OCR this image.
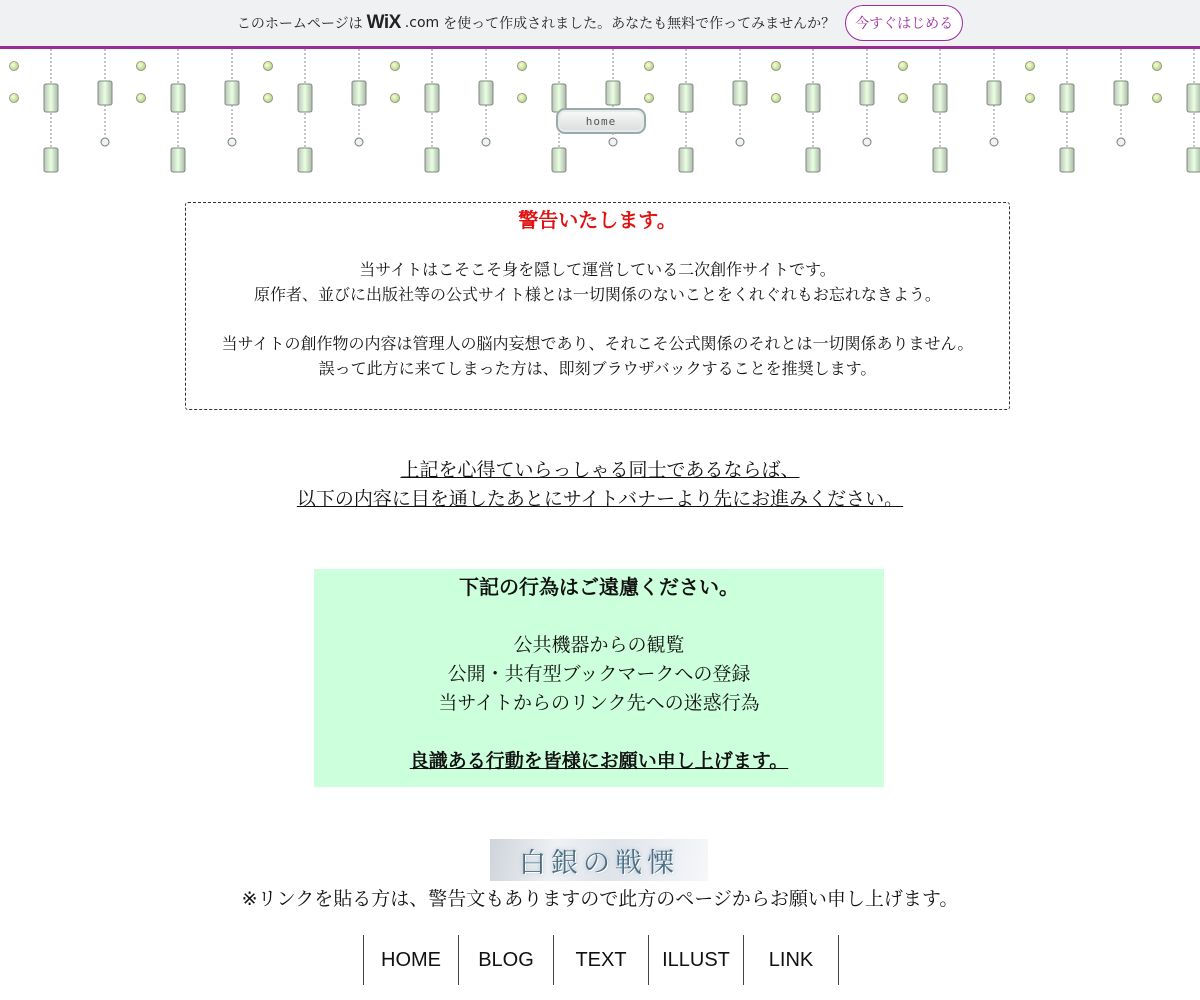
このホームページは WiX .com を使って作成されました。あなたも無料で作ってみませんか？	今すぐはじめる
home
警告いたします。

当サイトはこそこそ身を隠して運営している二次創作サイトです。

原作者、並びに出版社等の公式サイト様とは一切関係のないことをくれぐれもお忘れなきよう。

当サイトの創作物の内容は管理人の脳内妄想であり、それこそ公式関係のそれとは一切関係ありません。

誤って此方に来てしまった方は、即刻ブラウザバックすることを推奨します。

上記を心得ていらっしゃる同士であるならば、
以下の内容に目を通したあとにサイトバナーより先にお進みください。
下記の行為はご遠慮ください。
公共機器からの観覧
公開・共有型ブックマークへの登録
当サイトからのリンク先への迷惑行為
良識ある行動を皆様にお願い申し上げます。
白銀の戦慄
※リンクを貼る方は、警告文もありますので此方のページからお願い申し上げます。
HOME	BLOG	TEXT	ILLUST	LINK
